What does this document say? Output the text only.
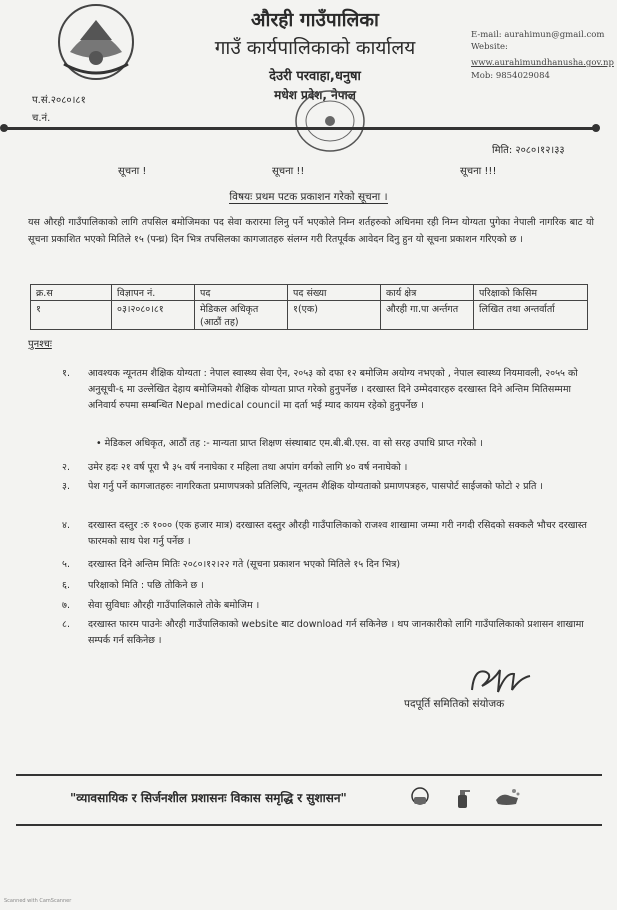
औरही गाउँपालिका
गाउँ कार्यपालिकाको कार्यालय
देउरी परवाहा,धनुषा
मधेश प्रदेश, नेपाल
E-mail: aurahimun@gmail.com
Website:
www.aurahimundhanusha.gov.np
Mob: 9854029084
प.सं.२०८०।८१
च.नं.
मिति: २०८०।१२।३३
सूचना !	सूचना !!	सूचना !!!
विषयः प्रथम पटक प्रकाशन गरेको सूचना ।
यस औरही गाउँपालिकाको लागि तपसिल बमोजिमका पद सेवा करारमा लिनु पर्ने भएकोले निम्न शर्तहरुको अधिनमा रही निम्न योग्यता पुगेका नेपाली नागरिक बाट यो सूचना प्रकाशित भएको मितिले १५ (पन्ध्र) दिन भित्र तपसिलका कागजातहरु संलग्न गरी रितपूर्वक आवेदन दिनु हुन यो सूचना प्रकाशन गरिएको छ ।
क्र.स	विज्ञापन नं.	पद	पद संख्या	कार्य क्षेत्र	परिक्षाको किसिम
१	०३।२०८०।८१	मेडिकल अधिकृत (आठौं तह)	१(एक)	औरही गा.पा अर्न्तगत	लिखित तथा अन्तर्वार्ता
पुनश्चः
१.	आवश्यक न्यूनतम शैक्षिक योग्यता : नेपाल स्वास्थ्य सेवा ऐन, २०५३ को दफा १२ बमोजिम अयोग्य नभएको , नेपाल स्वास्थ्य नियमावली, २०५५ को अनुसूची-६ मा उल्लेखित देहाय बमोजिमको शैक्षिक योग्यता प्राप्त गरेको हुनुपर्नेछ । दरखास्त दिने उम्मेदवारहरु दरखास्त दिने अन्तिम मितिसम्ममा अनिवार्य रुपमा सम्बन्धित Nepal medical council मा दर्ता भई म्याद कायम रहेको हुनुपर्नेछ ।
• मेडिकल अधिकृत, आठौं तह :- मान्यता प्राप्त शिक्षण संस्थाबाट एम.बी.बी.एस. वा सो सरह उपाधि प्राप्त गरेको ।
२.	उमेर हदः २१ वर्ष पूरा भै ३५ वर्ष ननाघेका र महिला तथा अपांग वर्गको लागि ४० वर्ष ननाघेको ।
३.	पेश गर्नु पर्ने कागजातहरुः नागरिकता प्रमाणपत्रको प्रतिलिपि, न्यूनतम शैक्षिक योग्यताको प्रमाणपत्रहरु, पासपोर्ट साईजको फोटो २ प्रति ।
४.	दरखास्त दस्तुर :रु १००० (एक हजार मात्र) दरखास्त दस्तुर औरही गाउँपालिकाको राजश्व शाखामा जम्मा गरी नगदी रसिदको सक्कलै भौचर दरखास्त फारमको साथ पेश गर्नु पर्नेछ ।
५.	दरखास्त दिने अन्तिम मितिः २०८०।१२।२२ गते (सूचना प्रकाशन भएको मितिले १५ दिन भित्र)
६.	परिक्षाको मिति : पछि तोकिने छ ।
७.	सेवा सुविधाः औरही गाउँपालिकाले तोके बमोजिम ।
८.	दरखास्त फारम पाउनेः औरही गाउँपालिकाको website बाट download गर्न सकिनेछ । थप जानकारीको लागि गाउँपालिकाको प्रशासन शाखामा सम्पर्क गर्न सकिनेछ ।
पदपूर्ति समितिको संयोजक
"व्यावसायिक र सिर्जनशील प्रशासनः विकास समृद्धि र सुशासन"
Scanned with CamScanner
